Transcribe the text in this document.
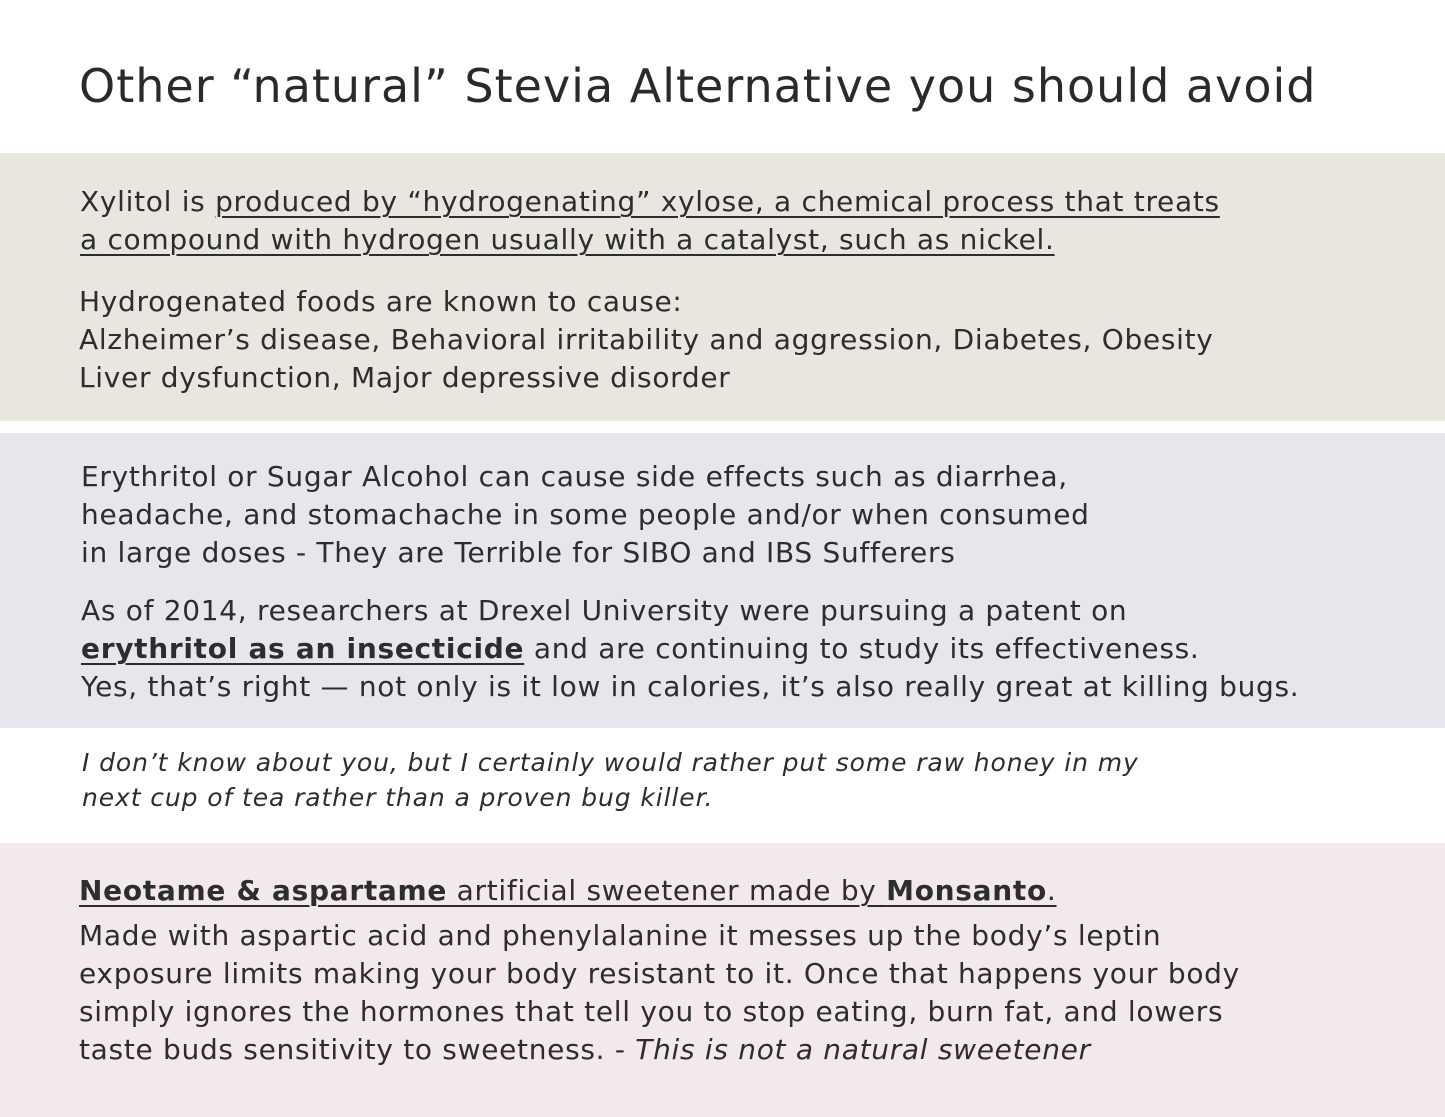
Other “natural” Stevia Alternative you should avoid

Xylitol is produced by “hydrogenating” xylose, a chemical process that treats
a compound with hydrogen usually with a catalyst, such as nickel.

Hydrogenated foods are known to cause:
Alzheimer’s disease, Behavioral irritability and aggression, Diabetes, Obesity
Liver dysfunction, Major depressive disorder

Erythritol or Sugar Alcohol can cause side effects such as diarrhea,
headache, and stomachache in some people and/or when consumed
in large doses - They are Terrible for SIBO and IBS Sufferers

As of 2014, researchers at Drexel University were pursuing a patent on
erythritol as an insecticide and are continuing to study its effectiveness.
Yes, that’s right — not only is it low in calories, it’s also really great at killing bugs.

I don’t know about you, but I certainly would rather put some raw honey in my
next cup of tea rather than a proven bug killer.

Neotame & aspartame artificial sweetener made by Monsanto.

Made with aspartic acid and phenylalanine it messes up the body’s leptin
exposure limits making your body resistant to it. Once that happens your body
simply ignores the hormones that tell you to stop eating, burn fat, and lowers
taste buds sensitivity to sweetness. - This is not a natural sweetener
